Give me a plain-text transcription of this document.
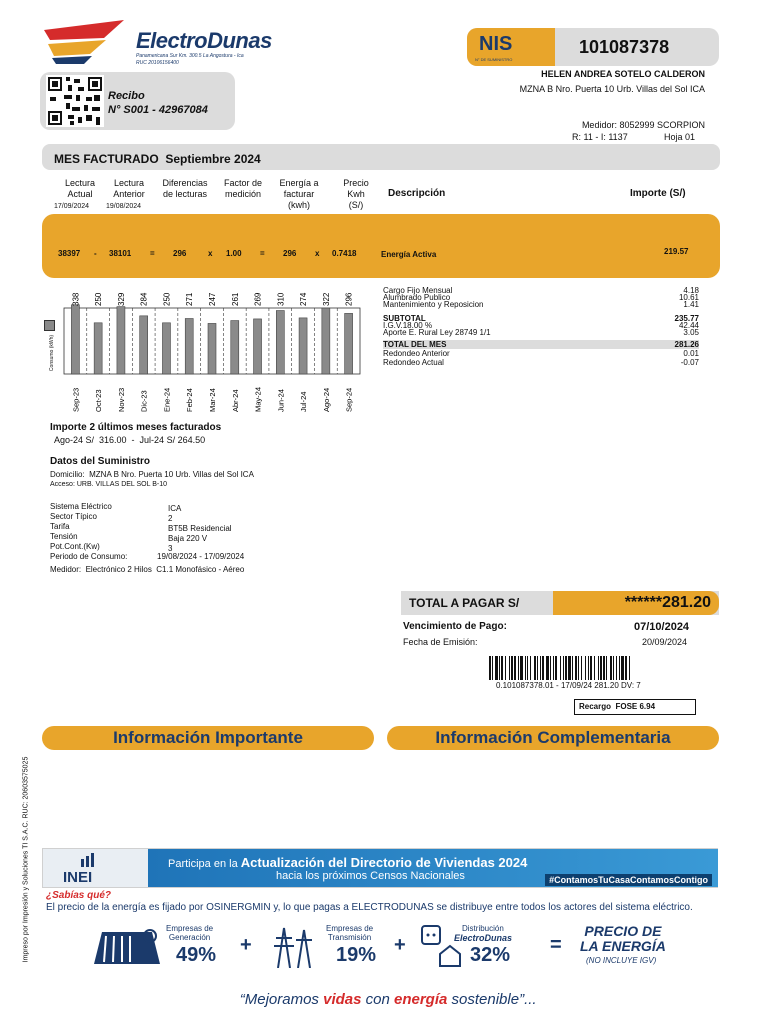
ElectroDunas
Panamericana Sur Km. 300.5 La Angostura - Ica
RUC 20106156400
Recibo
N° S001 - 42967084
NIS
N° DE SUMINISTRO
101087378
HELEN ANDREA SOTELO CALDERON
MZNA B Nro. Puerta 10 Urb. Villas del Sol ICA
Medidor: 8052999 SCORPION
R: 11 - I: 1137	Hoja 01
MES FACTURADO  Septiembre 2024
Lectura
Actual
17/09/2024
Lectura
Anterior
19/08/2024
Diferencias
de lecturas
Factor de
medición
Energía a
facturar
(kwh)
Precio
Kwh
(S/)
Descripción	Importe (S/)
38397 - 38101 = 296	x 1.00 = 296 x 0.7418	Energía Activa	219.57
Cargo Fijo Mensual	4.18
Alumbrado Publico	10.61
Mantenimiento y Reposicion	1.41
SUBTOTAL	235.77
I.G.V.18.00 %	42.44
Aporte E. Rural Ley 28749 1/1	3.05
TOTAL DEL MES	281.26
Redondeo Anterior	0.01
Redondeo Actual	-0.07
Consumo (kWh)
338
Sep-23
250
Oct-23
329
Nov-23
284
Dic-23
250
Ene-24
271
Feb-24
247
Mar-24
261
Abr-24
269
May-24
310
Jun-24
274
Jul-24
322
Ago-24
296
Sep-24
Importe 2 últimos meses facturados
Ago-24 S/  316.00  -  Jul-24 S/ 264.50
Datos del Suministro
Domicilio:  MZNA B Nro. Puerta 10 Urb. Villas del Sol ICA
Acceso: URB. VILLAS DEL SOL B-10
Sistema Eléctrico	ICA
Sector Típico	2
Tarifa	BT5B Residencial
Tensión	Baja 220 V
Pot.Cont.(Kw)	3
Periodo de Consumo:	19/08/2024 - 17/09/2024
Medidor:  Electrónico 2 Hilos  C1.1 Monofásico - Aéreo
TOTAL A PAGAR S/	******281.20
Vencimiento de Pago:	07/10/2024
Fecha de Emisión:	20/09/2024
0.101087378.01 - 17/09/24 281.20 DV: 7
Recargo  FOSE 6.94
Información Importante	Información Complementaria
Impreso por Impresión y Soluciones TI S.A.C. RUC: 20603575025 INEI
Participa en la Actualización del Directorio de Viviendas 2024
hacia los próximos Censos Nacionales	#ContamosTuCasaContamosContigo
¿Sabías qué?
El precio de la energía es fijado por OSINERGMIN y, lo que pagas a ELECTRODUNAS se distribuye entre todos los actores del sistema eléctrico.
Empresas de
Generación
49% +
Empresas de
Transmisión
19% +
Distribución
ElectroDunas
32% =
PRECIO DE
LA ENERGÍA
(NO INCLUYE IGV)

“Mejoramos vidas con energía sostenible”...
